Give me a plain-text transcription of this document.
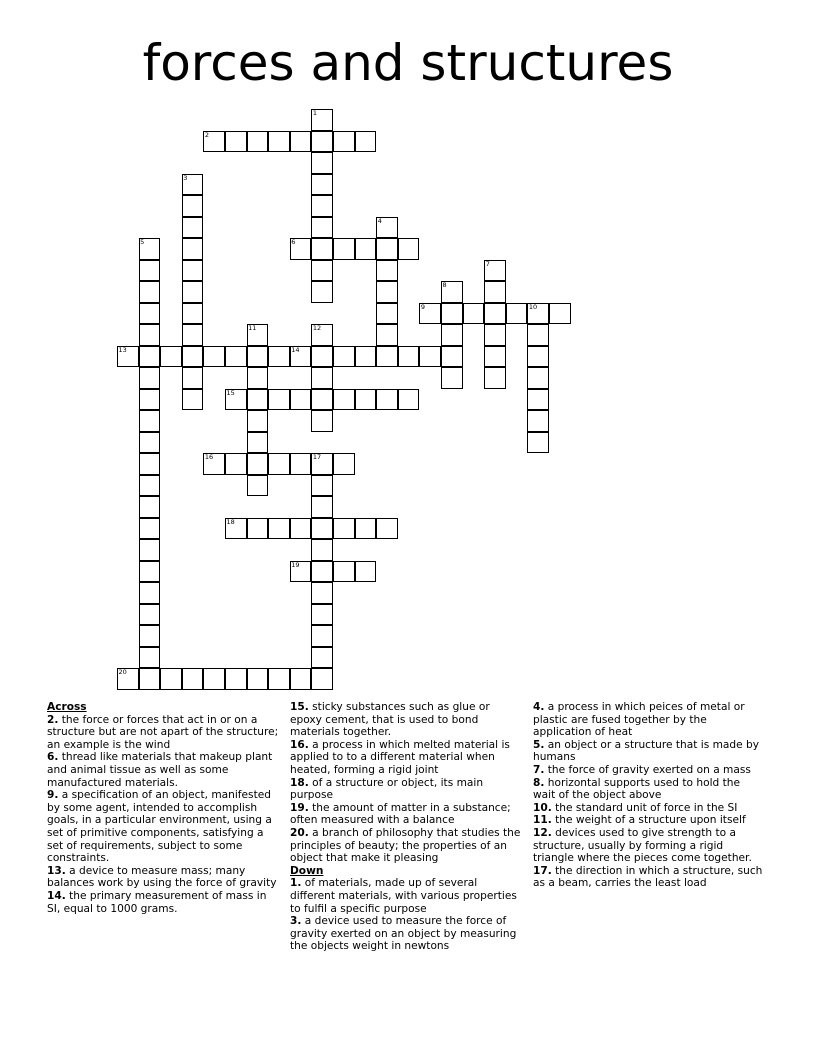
forces and structures
1
2
3
4
5	6
7
8
9	10
11	12
13	14
15
16	17
18
19
20
Across
2. the force or forces that act in or on a structure but are not apart of the structure; an example is the wind
6. thread like materials that makeup plant and animal tissue as well as some manufactured materials.
9. a specification of an object, manifested by some agent, intended to accomplish goals, in a particular environment, using a set of primitive components, satisfying a set of requirements, subject to some constraints.
13. a device to measure mass; many balances work by using the force of gravity
14. the primary measurement of mass in SI, equal to 1000 grams.
15. sticky substances such as glue or epoxy cement, that is used to bond materials together.
16. a process in which melted material is applied to to a different material when heated, forming a rigid joint
18. of a structure or object, its main purpose
19. the amount of matter in a substance; often measured with a balance
20. a branch of philosophy that studies the principles of beauty; the properties of an object that make it pleasing
Down
1. of materials, made up of several different materials, with various properties to fulfil a specific purpose
3. a device used to measure the force of gravity exerted on an object by measuring the objects weight in newtons
4. a process in which peices of metal or plastic are fused together by the application of heat
5. an object or a structure that is made by humans
7. the force of gravity exerted on a mass
8. horizontal supports used to hold the wait of the object above
10. the standard unit of force in the SI
11. the weight of a structure upon itself
12. devices used to give strength to a structure, usually by forming a rigid triangle where the pieces come together.
17. the direction in which a structure, such as a beam, carries the least load
